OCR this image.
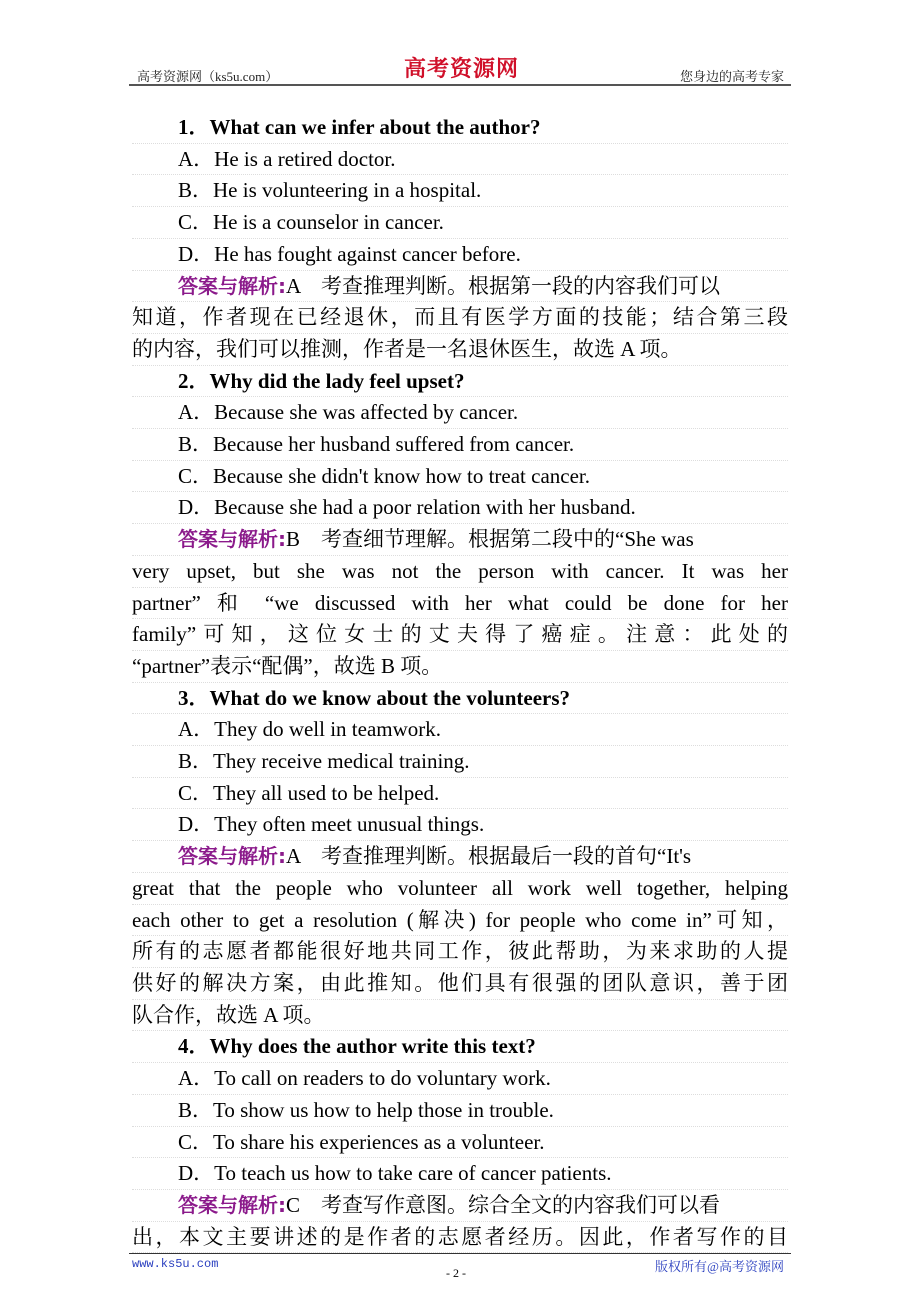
高考资源网（ks5u.com）	高考资源网	您身边的高考专家
1．What can we infer about the author?
A．He is a retired doctor.
B．He is volunteering in a hospital.
C．He is a counselor in cancer.
D．He has fought against cancer before.
答案与解析:A　考查推理判断。根据第一段的内容我们可以
知道，作者现在已经退休，而且有医学方面的技能；结合第三段
的内容，我们可以推测，作者是一名退休医生，故选 A 项。
2．Why did the lady feel upset?
A．Because she was affected by cancer.
B．Because her husband suffered from cancer.
C．Because she didn't know how to treat cancer.
D．Because she had a poor relation with her husband.
答案与解析:B　考查细节理解。根据第二段中的“She was
very upset, but she was not the person with cancer. It was her
partner” 和 “we discussed with her what could be done for her
family”可知，这位女士的丈夫得了癌症。注意：此处的
“partner”表示“配偶”，故选 B 项。
3．What do we know about the volunteers?
A．They do well in teamwork.
B．They receive medical training.
C．They all used to be helped.
D．They often meet unusual things.
答案与解析:A　考查推理判断。根据最后一段的首句“It's
great that the people who volunteer all work well together, helping
each other to get a resolution (解决) for people who come in”可知，
所有的志愿者都能很好地共同工作，彼此帮助，为来求助的人提
供好的解决方案，由此推知。他们具有很强的团队意识，善于团
队合作，故选 A 项。
4．Why does the author write this text?
A．To call on readers to do voluntary work.
B．To show us how to help those in trouble.
C．To share his experiences as a volunteer.
D．To teach us how to take care of cancer patients.
答案与解析:C　考查写作意图。综合全文的内容我们可以看
出，本文主要讲述的是作者的志愿者经历。因此，作者写作的目
www.ks5u.com
- 2 -	版权所有@高考资源网
